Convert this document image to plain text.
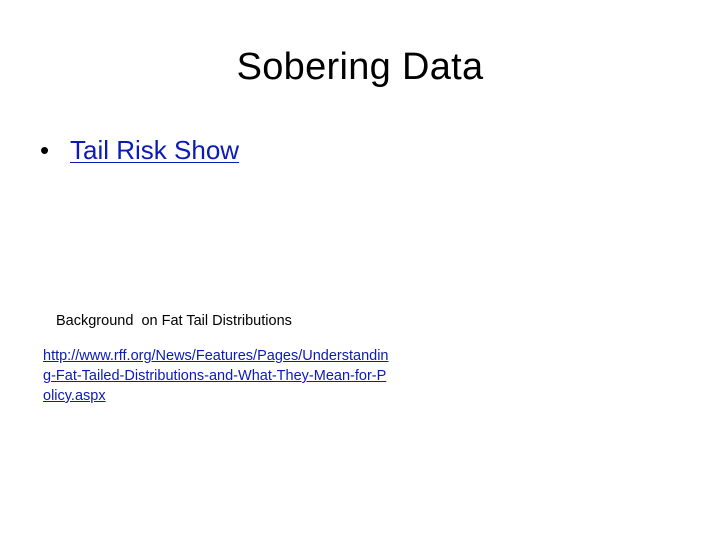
Sobering Data
• Tail Risk Show
Background  on Fat Tail Distributions
http://www.rff.org/News/Features/Pages/Understanding-Fat-Tailed-Distributions-and-What-They-Mean-for-Policy.aspx
